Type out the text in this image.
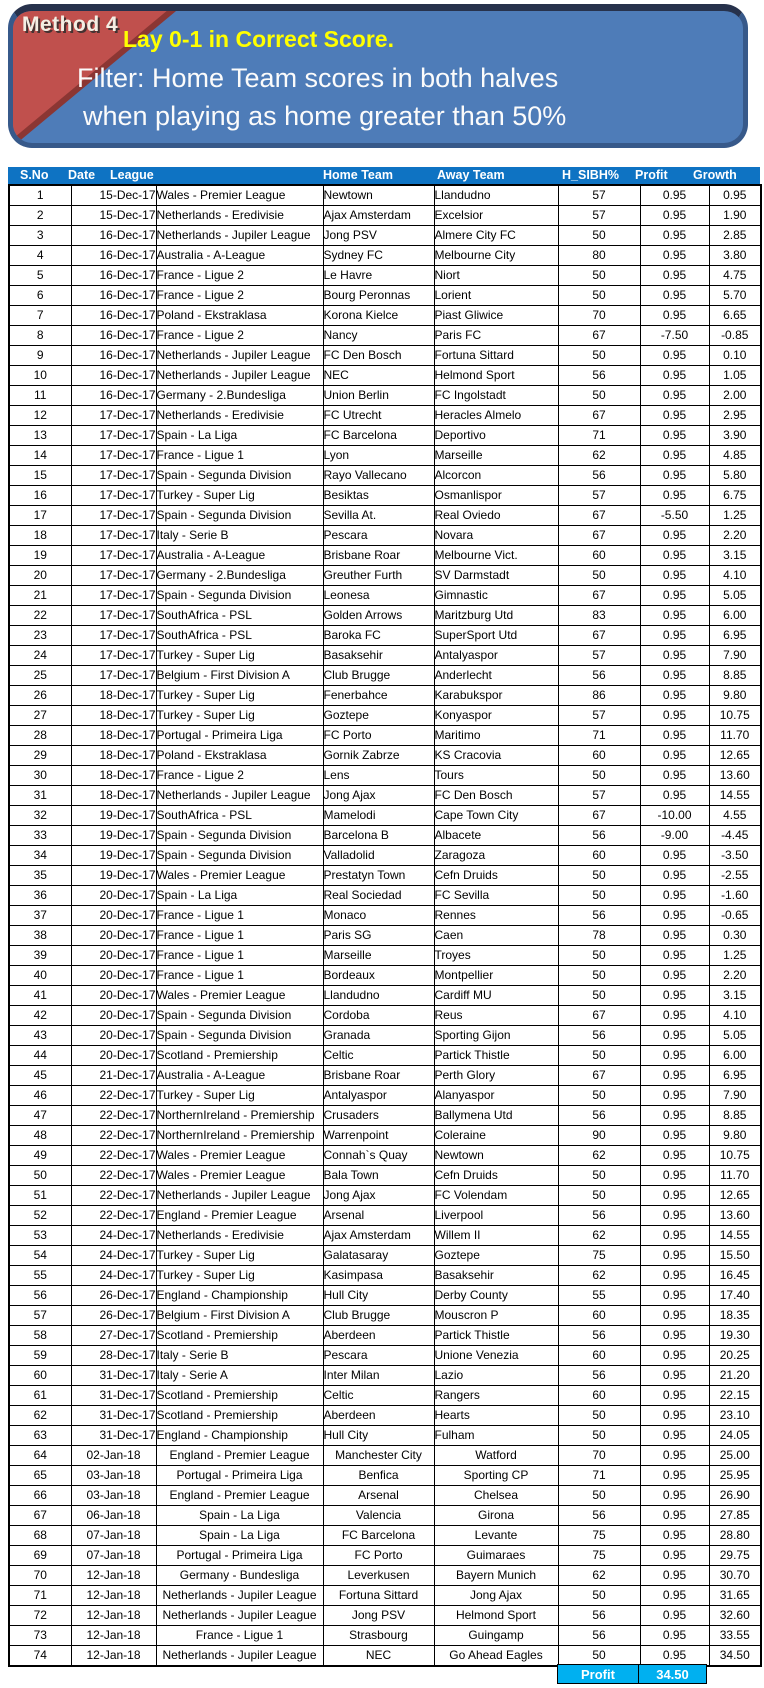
Method 4
Lay 0-1 in Correct Score.
Filter: Home Team scores in both halves
when playing as home greater than 50%
S.No Date League	Home Team	Away Team	H_SIBH% Profit Growth
1	15-Dec-17	Wales - Premier League	Newtown	Llandudno	57	0.95	0.95
2	15-Dec-17	Netherlands - Eredivisie	Ajax Amsterdam	Excelsior	57	0.95	1.90
3	16-Dec-17	Netherlands - Jupiler League	Jong PSV	Almere City FC	50	0.95	2.85
4	16-Dec-17	Australia - A-League	Sydney FC	Melbourne City	80	0.95	3.80
5	16-Dec-17	France - Ligue 2	Le Havre	Niort	50	0.95	4.75
6	16-Dec-17	France - Ligue 2	Bourg Peronnas	Lorient	50	0.95	5.70
7	16-Dec-17	Poland - Ekstraklasa	Korona Kielce	Piast Gliwice	70	0.95	6.65
8	16-Dec-17	France - Ligue 2	Nancy	Paris FC	67	-7.50	-0.85
9	16-Dec-17	Netherlands - Jupiler League	FC Den Bosch	Fortuna Sittard	50	0.95	0.10
10	16-Dec-17	Netherlands - Jupiler League	NEC	Helmond Sport	56	0.95	1.05
11	16-Dec-17	Germany - 2.Bundesliga	Union Berlin	FC Ingolstadt	50	0.95	2.00
12	17-Dec-17	Netherlands - Eredivisie	FC Utrecht	Heracles Almelo	67	0.95	2.95
13	17-Dec-17	Spain - La Liga	FC Barcelona	Deportivo	71	0.95	3.90
14	17-Dec-17	France - Ligue 1	Lyon	Marseille	62	0.95	4.85
15	17-Dec-17	Spain - Segunda Division	Rayo Vallecano	Alcorcon	56	0.95	5.80
16	17-Dec-17	Turkey - Super Lig	Besiktas	Osmanlispor	57	0.95	6.75
17	17-Dec-17	Spain - Segunda Division	Sevilla At.	Real Oviedo	67	-5.50	1.25
18	17-Dec-17	Italy - Serie B	Pescara	Novara	67	0.95	2.20
19	17-Dec-17	Australia - A-League	Brisbane Roar	Melbourne Vict.	60	0.95	3.15
20	17-Dec-17	Germany - 2.Bundesliga	Greuther Furth	SV Darmstadt	50	0.95	4.10
21	17-Dec-17	Spain - Segunda Division	Leonesa	Gimnastic	67	0.95	5.05
22	17-Dec-17	SouthAfrica - PSL	Golden Arrows	Maritzburg Utd	83	0.95	6.00
23	17-Dec-17	SouthAfrica - PSL	Baroka FC	SuperSport Utd	67	0.95	6.95
24	17-Dec-17	Turkey - Super Lig	Basaksehir	Antalyaspor	57	0.95	7.90
25	17-Dec-17	Belgium - First Division A	Club Brugge	Anderlecht	56	0.95	8.85
26	18-Dec-17	Turkey - Super Lig	Fenerbahce	Karabukspor	86	0.95	9.80
27	18-Dec-17	Turkey - Super Lig	Goztepe	Konyaspor	57	0.95	10.75
28	18-Dec-17	Portugal - Primeira Liga	FC Porto	Maritimo	71	0.95	11.70
29	18-Dec-17	Poland - Ekstraklasa	Gornik Zabrze	KS Cracovia	60	0.95	12.65
30	18-Dec-17	France - Ligue 2	Lens	Tours	50	0.95	13.60
31	18-Dec-17	Netherlands - Jupiler League	Jong Ajax	FC Den Bosch	57	0.95	14.55
32	19-Dec-17	SouthAfrica - PSL	Mamelodi	Cape Town City	67	-10.00	4.55
33	19-Dec-17	Spain - Segunda Division	Barcelona B	Albacete	56	-9.00	-4.45
34	19-Dec-17	Spain - Segunda Division	Valladolid	Zaragoza	60	0.95	-3.50
35	19-Dec-17	Wales - Premier League	Prestatyn Town	Cefn Druids	50	0.95	-2.55
36	20-Dec-17	Spain - La Liga	Real Sociedad	FC Sevilla	50	0.95	-1.60
37	20-Dec-17	France - Ligue 1	Monaco	Rennes	56	0.95	-0.65
38	20-Dec-17	France - Ligue 1	Paris SG	Caen	78	0.95	0.30
39	20-Dec-17	France - Ligue 1	Marseille	Troyes	50	0.95	1.25
40	20-Dec-17	France - Ligue 1	Bordeaux	Montpellier	50	0.95	2.20
41	20-Dec-17	Wales - Premier League	Llandudno	Cardiff MU	50	0.95	3.15
42	20-Dec-17	Spain - Segunda Division	Cordoba	Reus	67	0.95	4.10
43	20-Dec-17	Spain - Segunda Division	Granada	Sporting Gijon	56	0.95	5.05
44	20-Dec-17	Scotland - Premiership	Celtic	Partick Thistle	50	0.95	6.00
45	21-Dec-17	Australia - A-League	Brisbane Roar	Perth Glory	67	0.95	6.95
46	22-Dec-17	Turkey - Super Lig	Antalyaspor	Alanyaspor	50	0.95	7.90
47	22-Dec-17	NorthernIreland - Premiership	Crusaders	Ballymena Utd	56	0.95	8.85
48	22-Dec-17	NorthernIreland - Premiership	Warrenpoint	Coleraine	90	0.95	9.80
49	22-Dec-17	Wales - Premier League	Connah`s Quay	Newtown	62	0.95	10.75
50	22-Dec-17	Wales - Premier League	Bala Town	Cefn Druids	50	0.95	11.70
51	22-Dec-17	Netherlands - Jupiler League	Jong Ajax	FC Volendam	50	0.95	12.65
52	22-Dec-17	England - Premier League	Arsenal	Liverpool	56	0.95	13.60
53	24-Dec-17	Netherlands - Eredivisie	Ajax Amsterdam	Willem II	62	0.95	14.55
54	24-Dec-17	Turkey - Super Lig	Galatasaray	Goztepe	75	0.95	15.50
55	24-Dec-17	Turkey - Super Lig	Kasimpasa	Basaksehir	62	0.95	16.45
56	26-Dec-17	England - Championship	Hull City	Derby County	55	0.95	17.40
57	26-Dec-17	Belgium - First Division A	Club Brugge	Mouscron P	60	0.95	18.35
58	27-Dec-17	Scotland - Premiership	Aberdeen	Partick Thistle	56	0.95	19.30
59	28-Dec-17	Italy - Serie B	Pescara	Unione Venezia	60	0.95	20.25
60	31-Dec-17	Italy - Serie A	Inter Milan	Lazio	56	0.95	21.20
61	31-Dec-17	Scotland - Premiership	Celtic	Rangers	60	0.95	22.15
62	31-Dec-17	Scotland - Premiership	Aberdeen	Hearts	50	0.95	23.10
63	31-Dec-17	England - Championship	Hull City	Fulham	50	0.95	24.05
64	02-Jan-18	England - Premier League	Manchester City	Watford	70	0.95	25.00
65	03-Jan-18	Portugal - Primeira Liga	Benfica	Sporting CP	71	0.95	25.95
66	03-Jan-18	England - Premier League	Arsenal	Chelsea	50	0.95	26.90
67	06-Jan-18	Spain - La Liga	Valencia	Girona	56	0.95	27.85
68	07-Jan-18	Spain - La Liga	FC Barcelona	Levante	75	0.95	28.80
69	07-Jan-18	Portugal - Primeira Liga	FC Porto	Guimaraes	75	0.95	29.75
70	12-Jan-18	Germany - Bundesliga	Leverkusen	Bayern Munich	62	0.95	30.70
71	12-Jan-18	Netherlands - Jupiler League	Fortuna Sittard	Jong Ajax	50	0.95	31.65
72	12-Jan-18	Netherlands - Jupiler League	Jong PSV	Helmond Sport	56	0.95	32.60
73	12-Jan-18	France - Ligue 1	Strasbourg	Guingamp	56	0.95	33.55
74	12-Jan-18	Netherlands - Jupiler League	NEC	Go Ahead Eagles	50	0.95	34.50
Profit	34.50
